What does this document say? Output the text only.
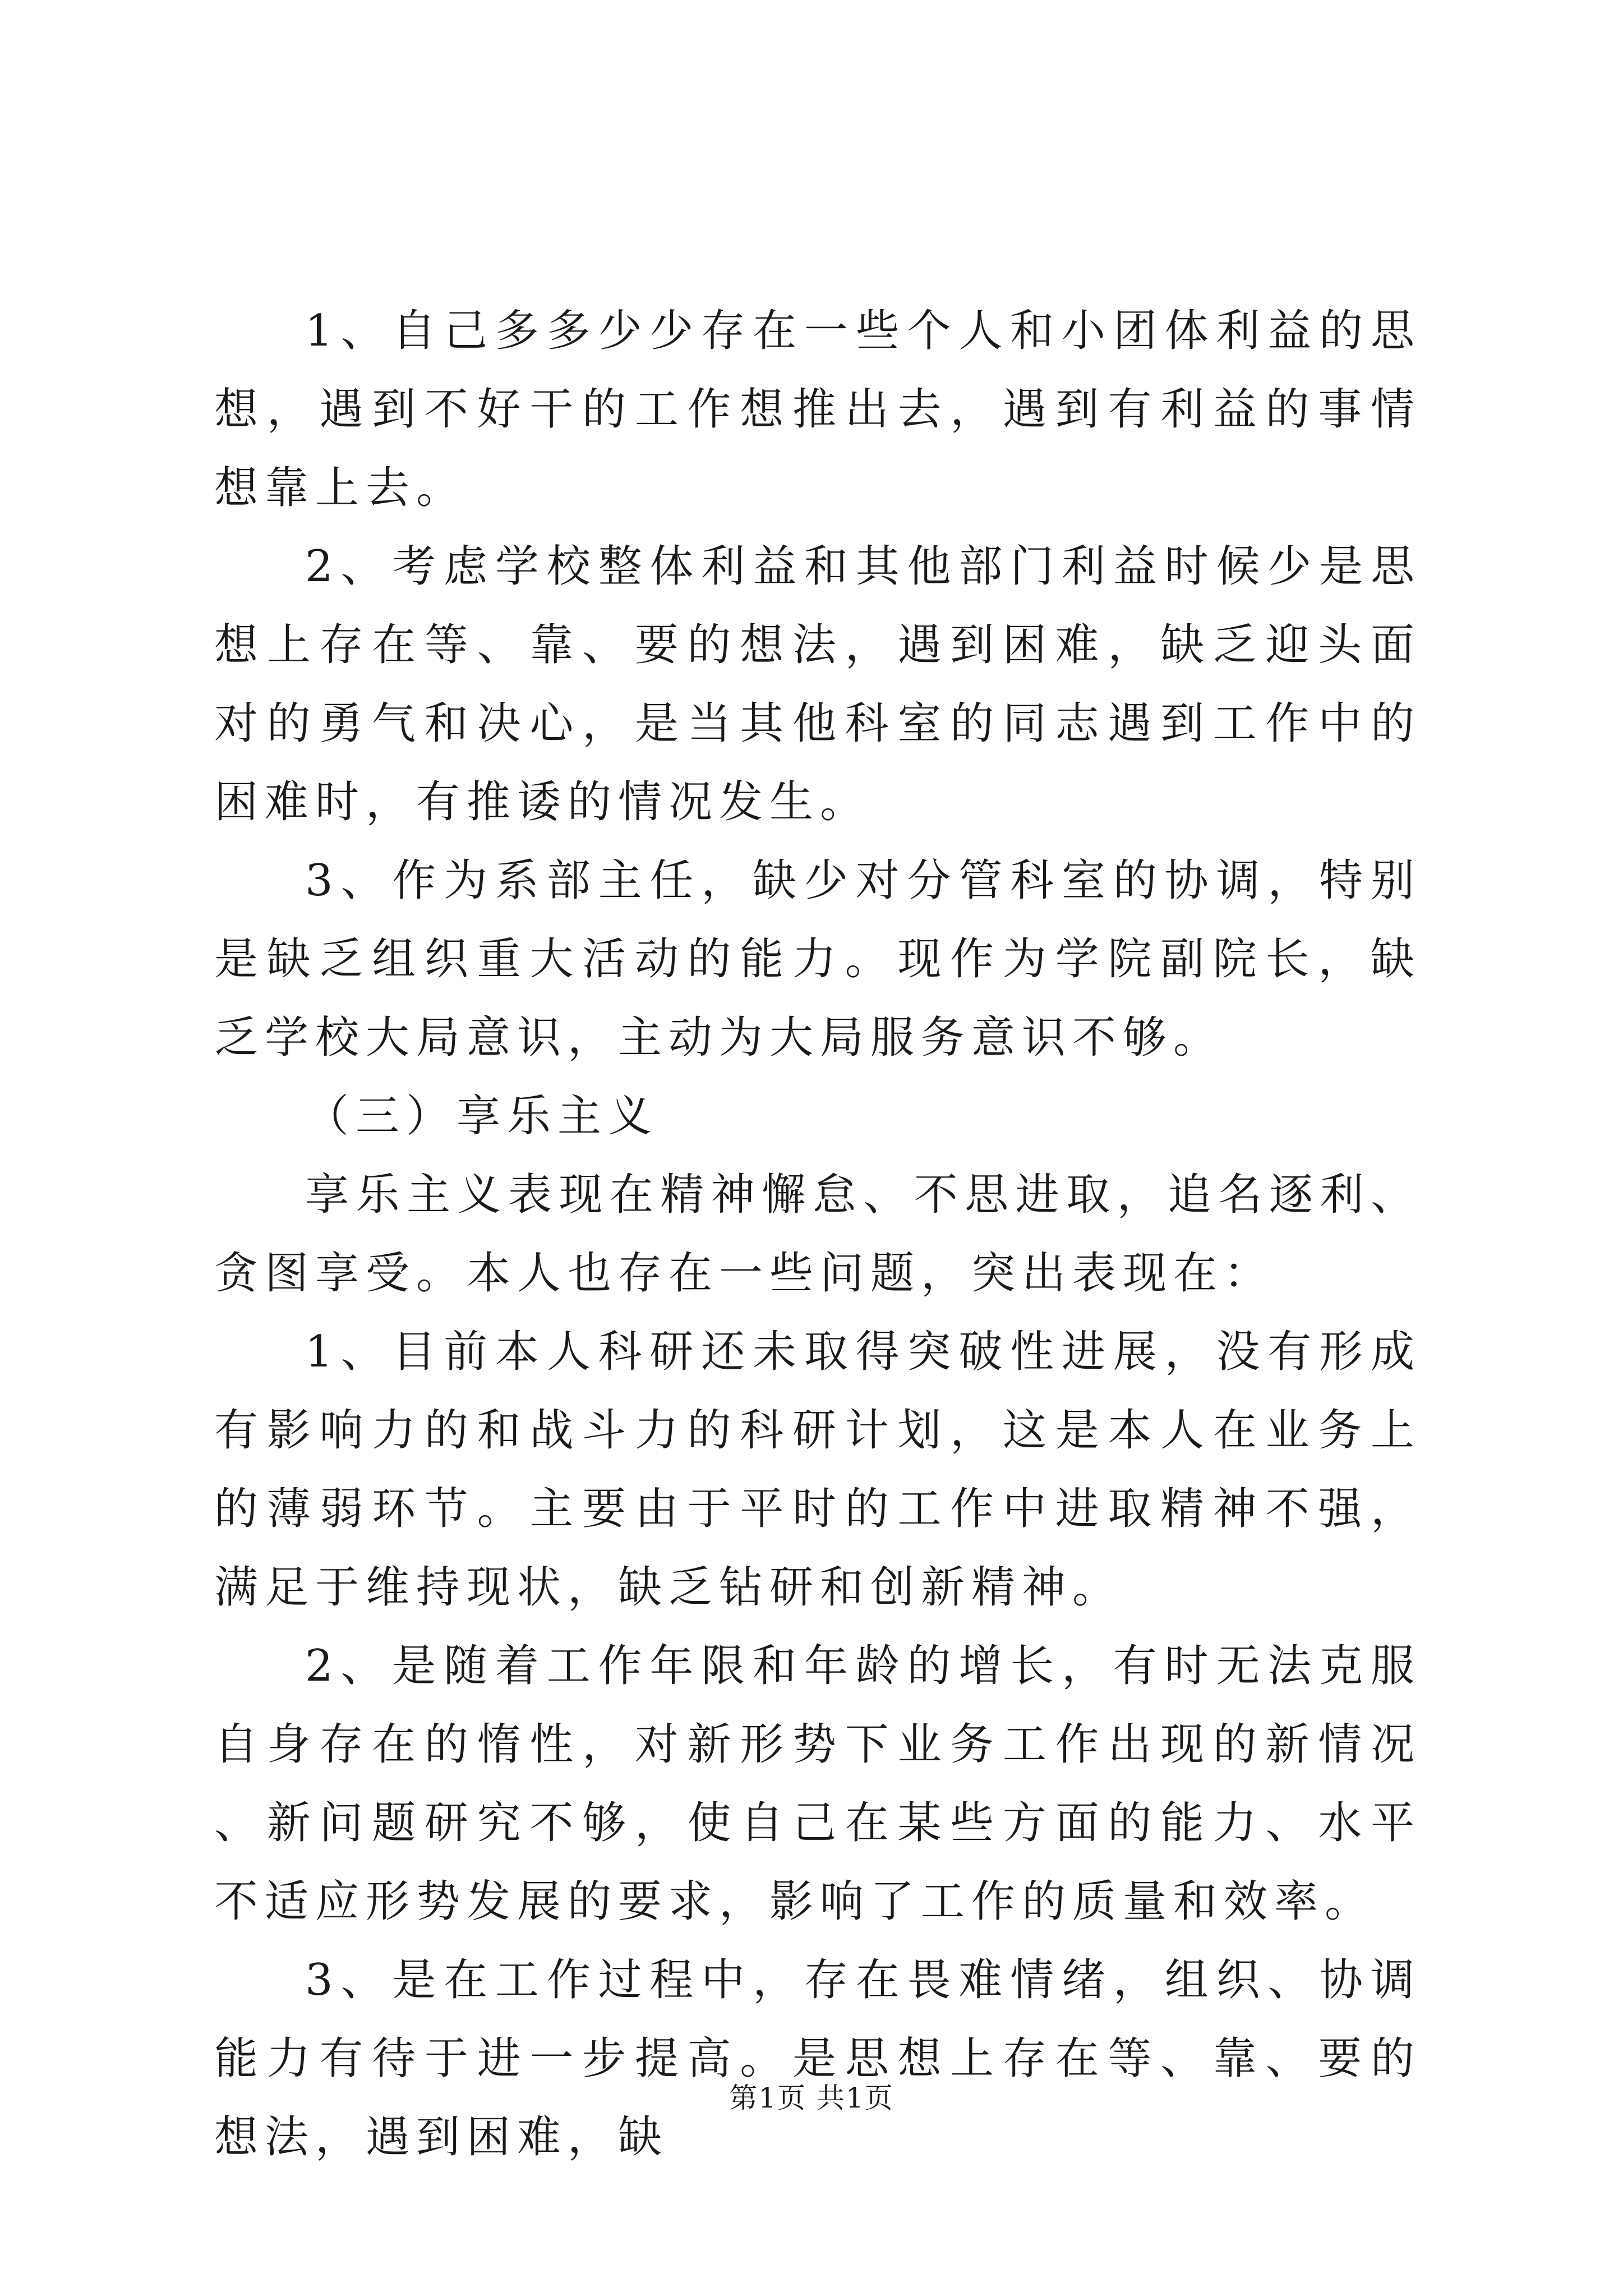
1、自己多多少少存在一些个人和小团体利益的思想，遇到不好干的工作想推出去，遇到有利益的事情想靠上去。

2、考虑学校整体利益和其他部门利益时候少是思想上存在等、靠、要的想法，遇到困难，缺乏迎头面对的勇气和决心，是当其他科室的同志遇到工作中的困难时，有推诿的情况发生。

3、作为系部主任，缺少对分管科室的协调，特别是缺乏组织重大活动的能力。现作为学院副院长，缺乏学校大局意识，主动为大局服务意识不够。

（三）享乐主义

享乐主义表现在精神懈怠、不思进取，追名逐利、贪图享受。本人也存在一些问题，突出表现在：

1、目前本人科研还未取得突破性进展，没有形成有影响力的和战斗力的科研计划，这是本人在业务上的薄弱环节。主要由于平时的工作中进取精神不强，满足于维持现状，缺乏钻研和创新精神。

2、是随着工作年限和年龄的增长，有时无法克服自身存在的惰性，对新形势下业务工作出现的新情况、新问题研究不够，使自己在某些方面的能力、水平不适应形势发展的要求，影响了工作的质量和效率。

3、是在工作过程中，存在畏难情绪，组织、协调能力有待于进一步提高。是思想上存在等、靠、要的想法，遇到困难，缺

第1页 共1页
